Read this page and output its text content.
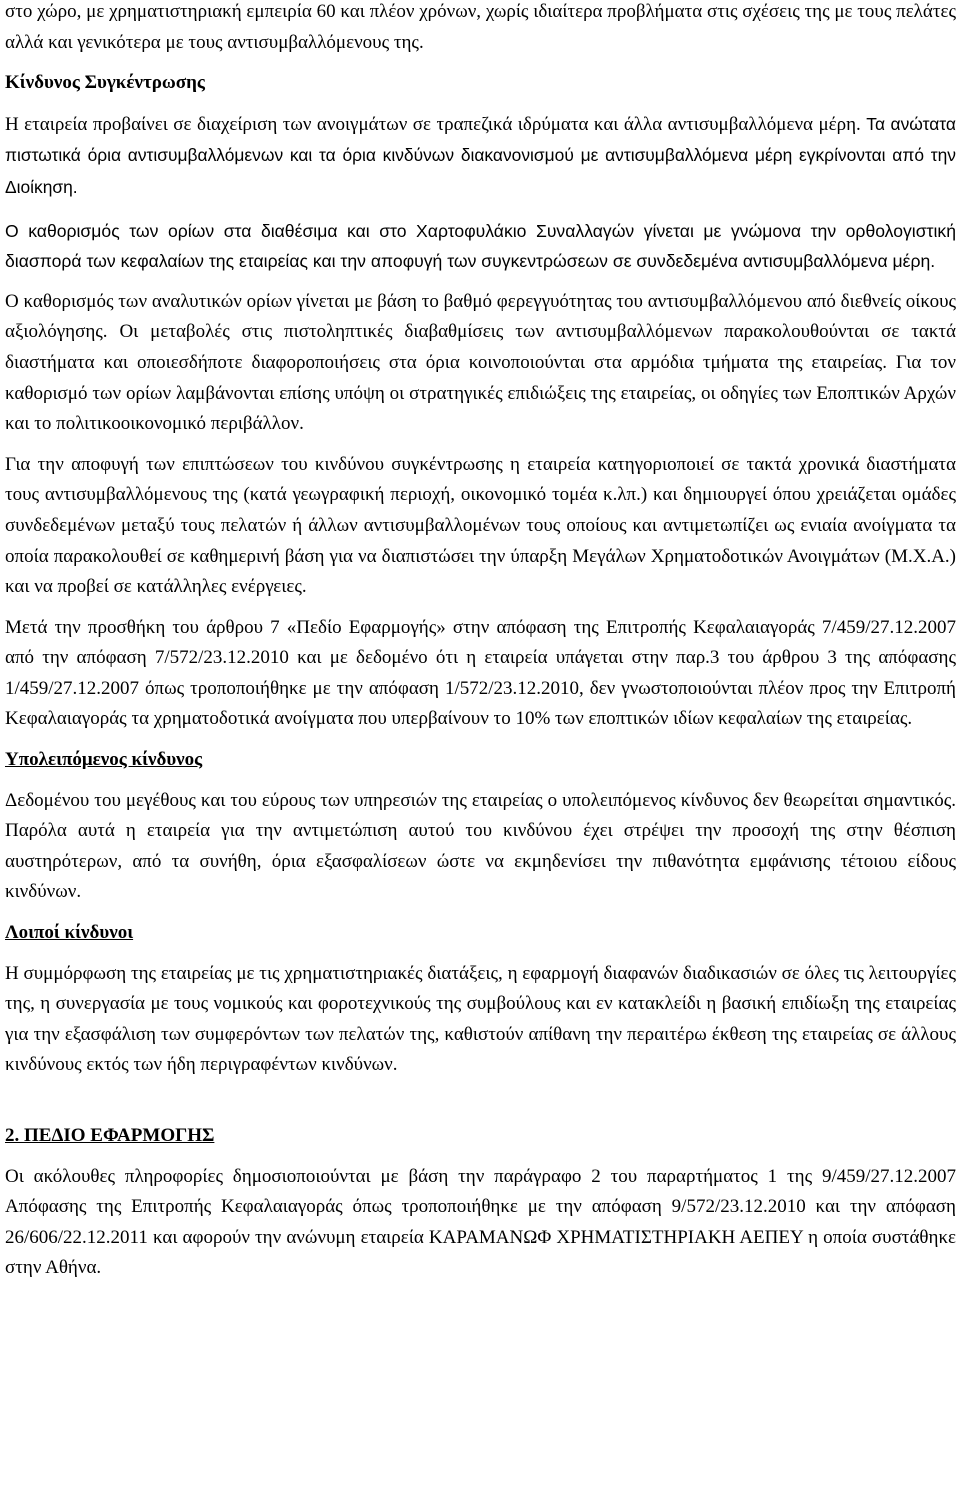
στο χώρο, με χρηματιστηριακή εμπειρία 60 και πλέον χρόνων, χωρίς ιδιαίτερα προβλήματα στις σχέσεις της με τους πελάτες αλλά και γενικότερα με τους αντισυμβαλλόμενους της.

Κίνδυνος Συγκέντρωσης

Η εταιρεία προβαίνει σε διαχείριση των ανοιγμάτων σε τραπεζικά ιδρύματα και άλλα αντισυμβαλλόμενα μέρη. Τα ανώτατα πιστωτικά όρια αντισυμβαλλόμενων και τα όρια κινδύνων διακανονισμού με αντισυμβαλλόμενα μέρη εγκρίνονται από την Διοίκηση.

Ο καθορισμός των ορίων στα διαθέσιμα και στο Χαρτοφυλάκιο Συναλλαγών γίνεται με γνώμονα την ορθολογιστική διασπορά των κεφαλαίων της εταιρείας και την αποφυγή των συγκεντρώσεων σε συνδεδεμένα αντισυμβαλλόμενα μέρη.

Ο καθορισμός των αναλυτικών ορίων γίνεται με βάση το βαθμό φερεγγυότητας του αντισυμβαλλόμενου από διεθνείς οίκους αξιολόγησης. Οι μεταβολές στις πιστοληπτικές διαβαθμίσεις των αντισυμβαλλόμενων παρακολουθούνται σε τακτά διαστήματα και οποιεσδήποτε διαφοροποιήσεις στα όρια κοινοποιούνται στα αρμόδια τμήματα της εταιρείας. Για τον καθορισμό των ορίων λαμβάνονται επίσης υπόψη οι στρατηγικές επιδιώξεις της εταιρείας, οι οδηγίες των Εποπτικών Αρχών και το πολιτικοοικονομικό περιβάλλον.

Για την αποφυγή των επιπτώσεων του κινδύνου συγκέντρωσης η εταιρεία κατηγοριοποιεί σε τακτά χρονικά διαστήματα τους αντισυμβαλλόμενους της (κατά γεωγραφική περιοχή, οικονομικό τομέα κ.λπ.) και δημιουργεί όπου χρειάζεται ομάδες συνδεδεμένων μεταξύ τους πελατών ή άλλων αντισυμβαλλομένων τους οποίους και αντιμετωπίζει ως ενιαία ανοίγματα τα οποία παρακολουθεί σε καθημερινή βάση για να διαπιστώσει την ύπαρξη Μεγάλων Χρηματοδοτικών Ανοιγμάτων (Μ.Χ.Α.) και να προβεί σε κατάλληλες ενέργειες.

Μετά την προσθήκη του άρθρου 7 «Πεδίο Εφαρμογής» στην απόφαση της Επιτροπής Κεφαλαιαγοράς 7/459/27.12.2007 από την απόφαση 7/572/23.12.2010 και με δεδομένο ότι η εταιρεία υπάγεται στην παρ.3 του άρθρου 3 της απόφασης 1/459/27.12.2007 όπως τροποποιήθηκε με την απόφαση 1/572/23.12.2010, δεν γνωστοποιούνται πλέον προς την Επιτροπή Κεφαλαιαγοράς τα χρηματοδοτικά ανοίγματα που υπερβαίνουν το 10% των εποπτικών ιδίων κεφαλαίων της εταιρείας.

Υπολειπόμενος κίνδυνος

Δεδομένου του μεγέθους και του εύρους των υπηρεσιών της εταιρείας ο υπολειπόμενος κίνδυνος δεν θεωρείται σημαντικός. Παρόλα αυτά η εταιρεία για την αντιμετώπιση αυτού του κινδύνου έχει στρέψει την προσοχή της στην θέσπιση αυστηρότερων, από τα συνήθη, όρια εξασφαλίσεων ώστε να εκμηδενίσει την πιθανότητα εμφάνισης τέτοιου είδους κινδύνων.

Λοιποί κίνδυνοι

Η συμμόρφωση της εταιρείας με τις χρηματιστηριακές διατάξεις, η εφαρμογή διαφανών διαδικασιών σε όλες τις λειτουργίες της, η συνεργασία με τους νομικούς και φοροτεχνικούς της συμβούλους και εν κατακλείδι η βασική επιδίωξη της εταιρείας για την εξασφάλιση των συμφερόντων των πελατών της, καθιστούν απίθανη την περαιτέρω έκθεση της εταιρείας σε άλλους κινδύνους εκτός των ήδη περιγραφέντων κινδύνων.

2. ΠΕΔΙΟ ΕΦΑΡΜΟΓΗΣ

Οι ακόλουθες πληροφορίες δημοσιοποιούνται με βάση την παράγραφο 2 του παραρτήματος 1 της 9/459/27.12.2007 Απόφασης της Επιτροπής Κεφαλαιαγοράς όπως τροποποιήθηκε με την απόφαση 9/572/23.12.2010 και την απόφαση 26/606/22.12.2011 και αφορούν την ανώνυμη εταιρεία ΚΑΡΑΜΑΝΩΦ ΧΡΗΜΑΤΙΣΤΗΡΙΑΚΗ ΑΕΠΕΥ η οποία συστάθηκε στην Αθήνα.
